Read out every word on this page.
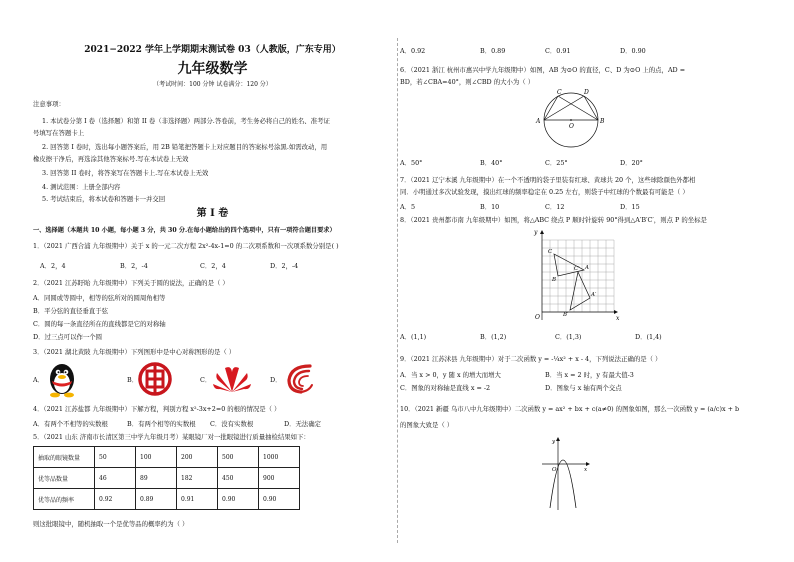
2021−2022 学年上学期期末测试卷 03（人教版，广东专用）
九年级数学
（考试时间：100 分钟 试卷满分：120 分）
注意事项：
1. 本试卷分第 I 卷（选择题）和第 II 卷（非选择题）两部分.答卷前，考生务必将自己的姓名、准考证
号填写在答题卡上
2. 回答第 I 卷时，选出每小题答案后，用 2B 铅笔把答题卡上对应题目的答案标号涂黑.如需改动，用
橡皮擦干净后，再选涂其他答案标号.写在本试卷上无效
3. 回答第 II 卷时，将答案写在答题卡上.写在本试卷上无效
4. 测试范围：上册全部内容
5. 考试结束后，将本试卷和答题卡一并交回
第 I 卷
一、选择题（本题共 10 小题，每小题 3 分，共 30 分.在每小题给出的四个选项中，只有一项符合题目要求）
1．（2021 广西合浦 九年级期中）关于 x 的一元二次方程 2x²-4x-1=0 的二次项系数和一次项系数分别是( )
A．2，4	B．2，-4	C．2，4	D．2，-4
2．（2021 江苏盱眙 九年级期中）下列关于圆的说法，正确的是（ ）
A．同圆或等圆中，相等的弦所对的圆周角相等
B．平分弦的直径垂直于弦
C．圆的每一条直径所在的直线都是它的对称轴
D．过三点可以作一个圆
3．（2021 湖北黄陂 九年级期中）下列图形中是中心对称图形的是（ ）
A．	B．	C．	D．
4．（2021 江苏盐都 九年级期中）下解方程，判别方程 x²-3x+2=0 的根的情况是（ ）
A．有两个不相等的实数根	B．有两个相等的实数根 C．没有实数根	D．无法确定
5．（2021 山东 济南市长清区第三中学九年级月考）某眼镜厂对一批眼镜进行质量抽检结果如下：
抽取的眼镜数量	50	100	200	500	1000
优等品数量	46	89	182	450	900
优等品的频率	0.92	0.89	0.91	0.90	0.90
则这批眼镜中，随机抽取一个是优等品的概率约为（ ）
A．0.92	B．0.89	C．0.91	D．0.90
6．（2021 浙江 杭州市惠兴中学九年级期中）如图，AB 为⊙O 的直径，C、D 为⊙O 上的点，AD =
BD，若∠CBA=40°，则∠CBD 的大小为（ ）
C	D
A
O
B
A．50°	B．40°	C．25°	D．20°
7．（2021 辽宁本溪 九年级期中）在一个不透明的袋子里装有红球、黄球共 20 个，这些球除颜色外都相
同．小明通过多次试验发现，摸出红球的频率稳定在 0.25 左右，则袋子中红球的个数最有可能是（ ）
A．5	B．10	C．12	D．15
8．（2021 贵州都市南 九年级期中）如图，将△ABC 绕点 P 顺时针旋转 90°得到△A′B′C′，则点 P 的坐标是
y
x
O
C
A
B
C′
A′
B′
A．(1,1)	B．(1,2)	C．(1,3)	D．(1,4)
9．（2021 江苏沭县 九年级期中）对于二次函数 y = -¼x² + x - 4，下列说法正确的是（ ）
A．当 x > 0，y 随 x 的增大而增大	B．当 x = 2 时，y 有最大值-3
C．图象的对称轴是直线 x = -2	D．图象与 x 轴有两个交点
10．（2021 新疆 乌市八中九年级期中）二次函数 y = ax² + bx + c(a≠0) 的图象如图，那么一次函数 y = (a/c)x + b
的图象大致是（ ）
y
O	x
